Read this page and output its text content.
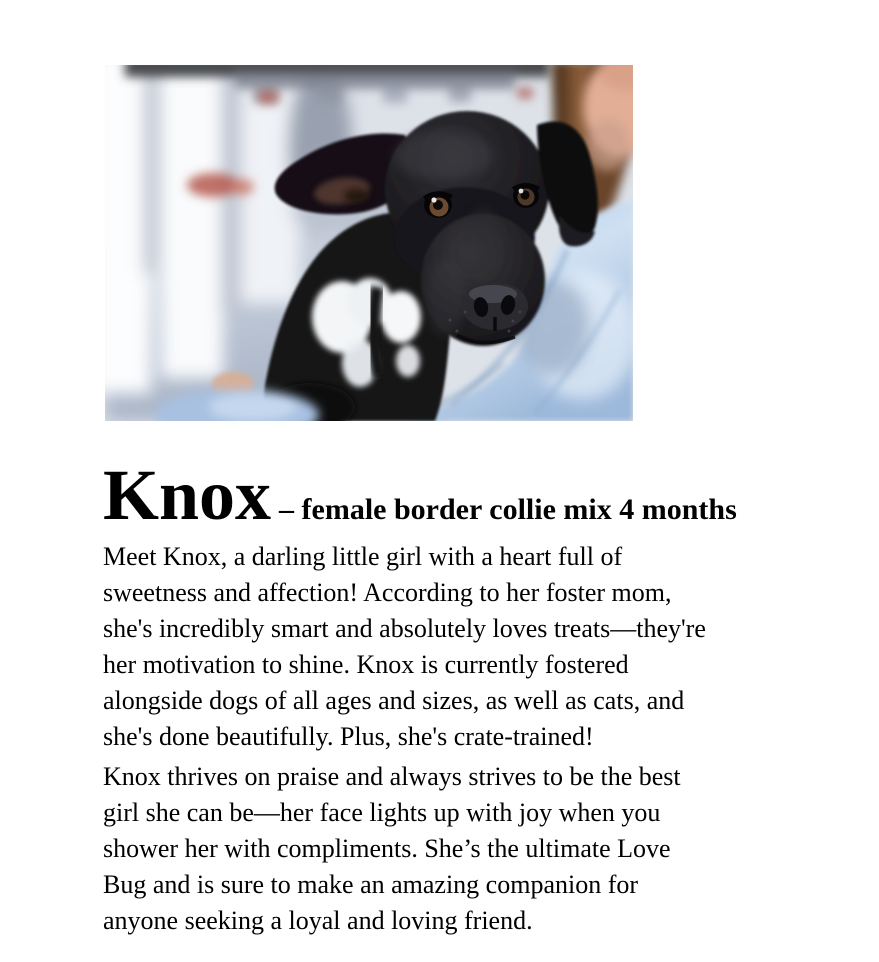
Knox – female border collie mix 4 months
Meet Knox, a darling little girl with a heart full of
sweetness and affection! According to her foster mom,
she's incredibly smart and absolutely loves treats—they're
her motivation to shine. Knox is currently fostered
alongside dogs of all ages and sizes, as well as cats, and
she's done beautifully. Plus, she's crate-trained!
Knox thrives on praise and always strives to be the best
girl she can be—her face lights up with joy when you
shower her with compliments. She’s the ultimate Love
Bug and is sure to make an amazing companion for
anyone seeking a loyal and loving friend.
